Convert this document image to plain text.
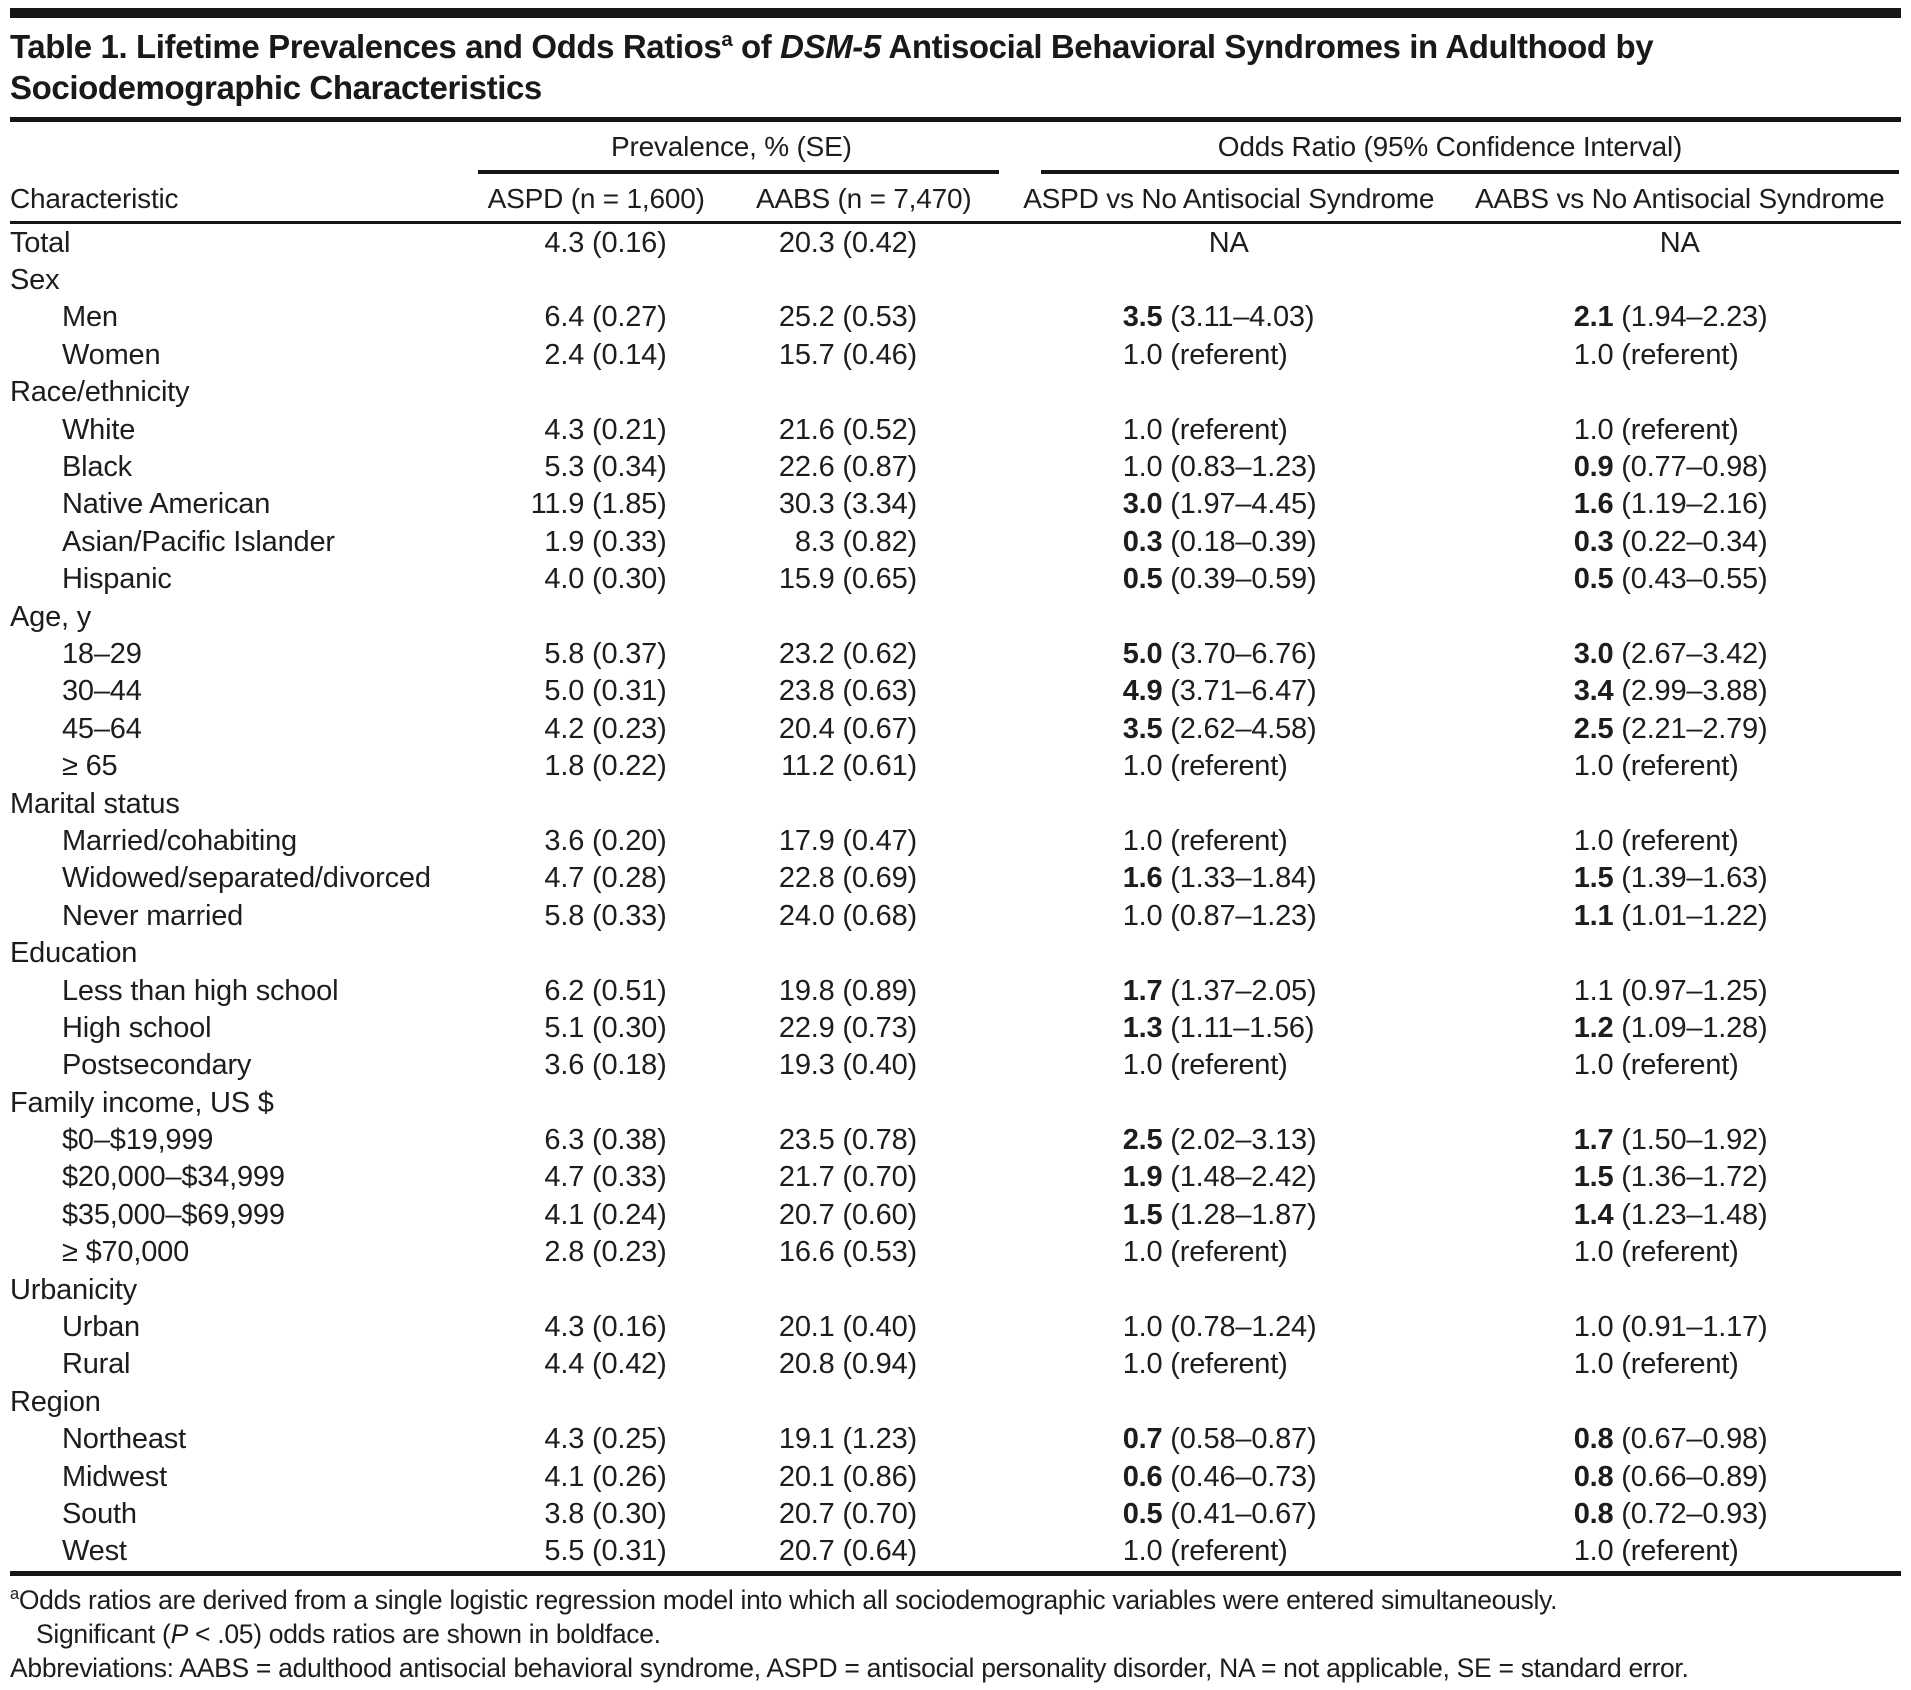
Table 1. Lifetime Prevalences and Odds Ratios$^a$ of DSM-5 Antisocial Behavioral Syndromes in Adulthood by
Sociodemographic Characteristics

	Prevalence, % (SE)		Odds Ratio (95% Confidence Interval)	

Characteristic	ASPD (n = 1,600)	AABS (n = 7,470)	ASPD vs No Antisocial Syndrome	AABS vs No Antisocial Syndrome
Total	4.3 (0.16)	20.3 (0.42)	NA	NA
Sex				
Men	6.4 (0.27)	25.2 (0.53)	3.5 (3.11–4.03)	2.1 (1.94–2.23)
Women	2.4 (0.14)	15.7 (0.46)	1.0 (referent)	1.0 (referent)
Race/ethnicity				
White	4.3 (0.21)	21.6 (0.52)	1.0 (referent)	1.0 (referent)
Black	5.3 (0.34)	22.6 (0.87)	1.0 (0.83–1.23)	0.9 (0.77–0.98)
Native American	11.9 (1.85)	30.3 (3.34)	3.0 (1.97–4.45)	1.6 (1.19–2.16)
Asian/Pacific Islander	1.9 (0.33)	8.3 (0.82)	0.3 (0.18–0.39)	0.3 (0.22–0.34)
Hispanic	4.0 (0.30)	15.9 (0.65)	0.5 (0.39–0.59)	0.5 (0.43–0.55)
Age, y				
18–29	5.8 (0.37)	23.2 (0.62)	5.0 (3.70–6.76)	3.0 (2.67–3.42)
30–44	5.0 (0.31)	23.8 (0.63)	4.9 (3.71–6.47)	3.4 (2.99–3.88)
45–64	4.2 (0.23)	20.4 (0.67)	3.5 (2.62–4.58)	2.5 (2.21–2.79)
≥ 65	1.8 (0.22)	11.2 (0.61)	1.0 (referent)	1.0 (referent)
Marital status				
Married/cohabiting	3.6 (0.20)	17.9 (0.47)	1.0 (referent)	1.0 (referent)
Widowed/separated/divorced	4.7 (0.28)	22.8 (0.69)	1.6 (1.33–1.84)	1.5 (1.39–1.63)
Never married	5.8 (0.33)	24.0 (0.68)	1.0 (0.87–1.23)	1.1 (1.01–1.22)
Education				
Less than high school	6.2 (0.51)	19.8 (0.89)	1.7 (1.37–2.05)	1.1 (0.97–1.25)
High school	5.1 (0.30)	22.9 (0.73)	1.3 (1.11–1.56)	1.2 (1.09–1.28)
Postsecondary	3.6 (0.18)	19.3 (0.40)	1.0 (referent)	1.0 (referent)
Family income, US $				
$0–$19,999	6.3 (0.38)	23.5 (0.78)	2.5 (2.02–3.13)	1.7 (1.50–1.92)
$20,000–$34,999	4.7 (0.33)	21.7 (0.70)	1.9 (1.48–2.42)	1.5 (1.36–1.72)
$35,000–$69,999	4.1 (0.24)	20.7 (0.60)	1.5 (1.28–1.87)	1.4 (1.23–1.48)
≥ $70,000	2.8 (0.23)	16.6 (0.53)	1.0 (referent)	1.0 (referent)
Urbanicity				
Urban	4.3 (0.16)	20.1 (0.40)	1.0 (0.78–1.24)	1.0 (0.91–1.17)
Rural	4.4 (0.42)	20.8 (0.94)	1.0 (referent)	1.0 (referent)
Region				
Northeast	4.3 (0.25)	19.1 (1.23)	0.7 (0.58–0.87)	0.8 (0.67–0.98)
Midwest	4.1 (0.26)	20.1 (0.86)	0.6 (0.46–0.73)	0.8 (0.66–0.89)
South	3.8 (0.30)	20.7 (0.70)	0.5 (0.41–0.67)	0.8 (0.72–0.93)
West	5.5 (0.31)	20.7 (0.64)	1.0 (referent)	1.0 (referent)
$^a$Odds ratios are derived from a single logistic regression model into which all sociodemographic variables were entered simultaneously.
Significant (P < .05) odds ratios are shown in boldface.
Abbreviations: AABS = adulthood antisocial behavioral syndrome, ASPD = antisocial personality disorder, NA = not applicable, SE = standard error.
